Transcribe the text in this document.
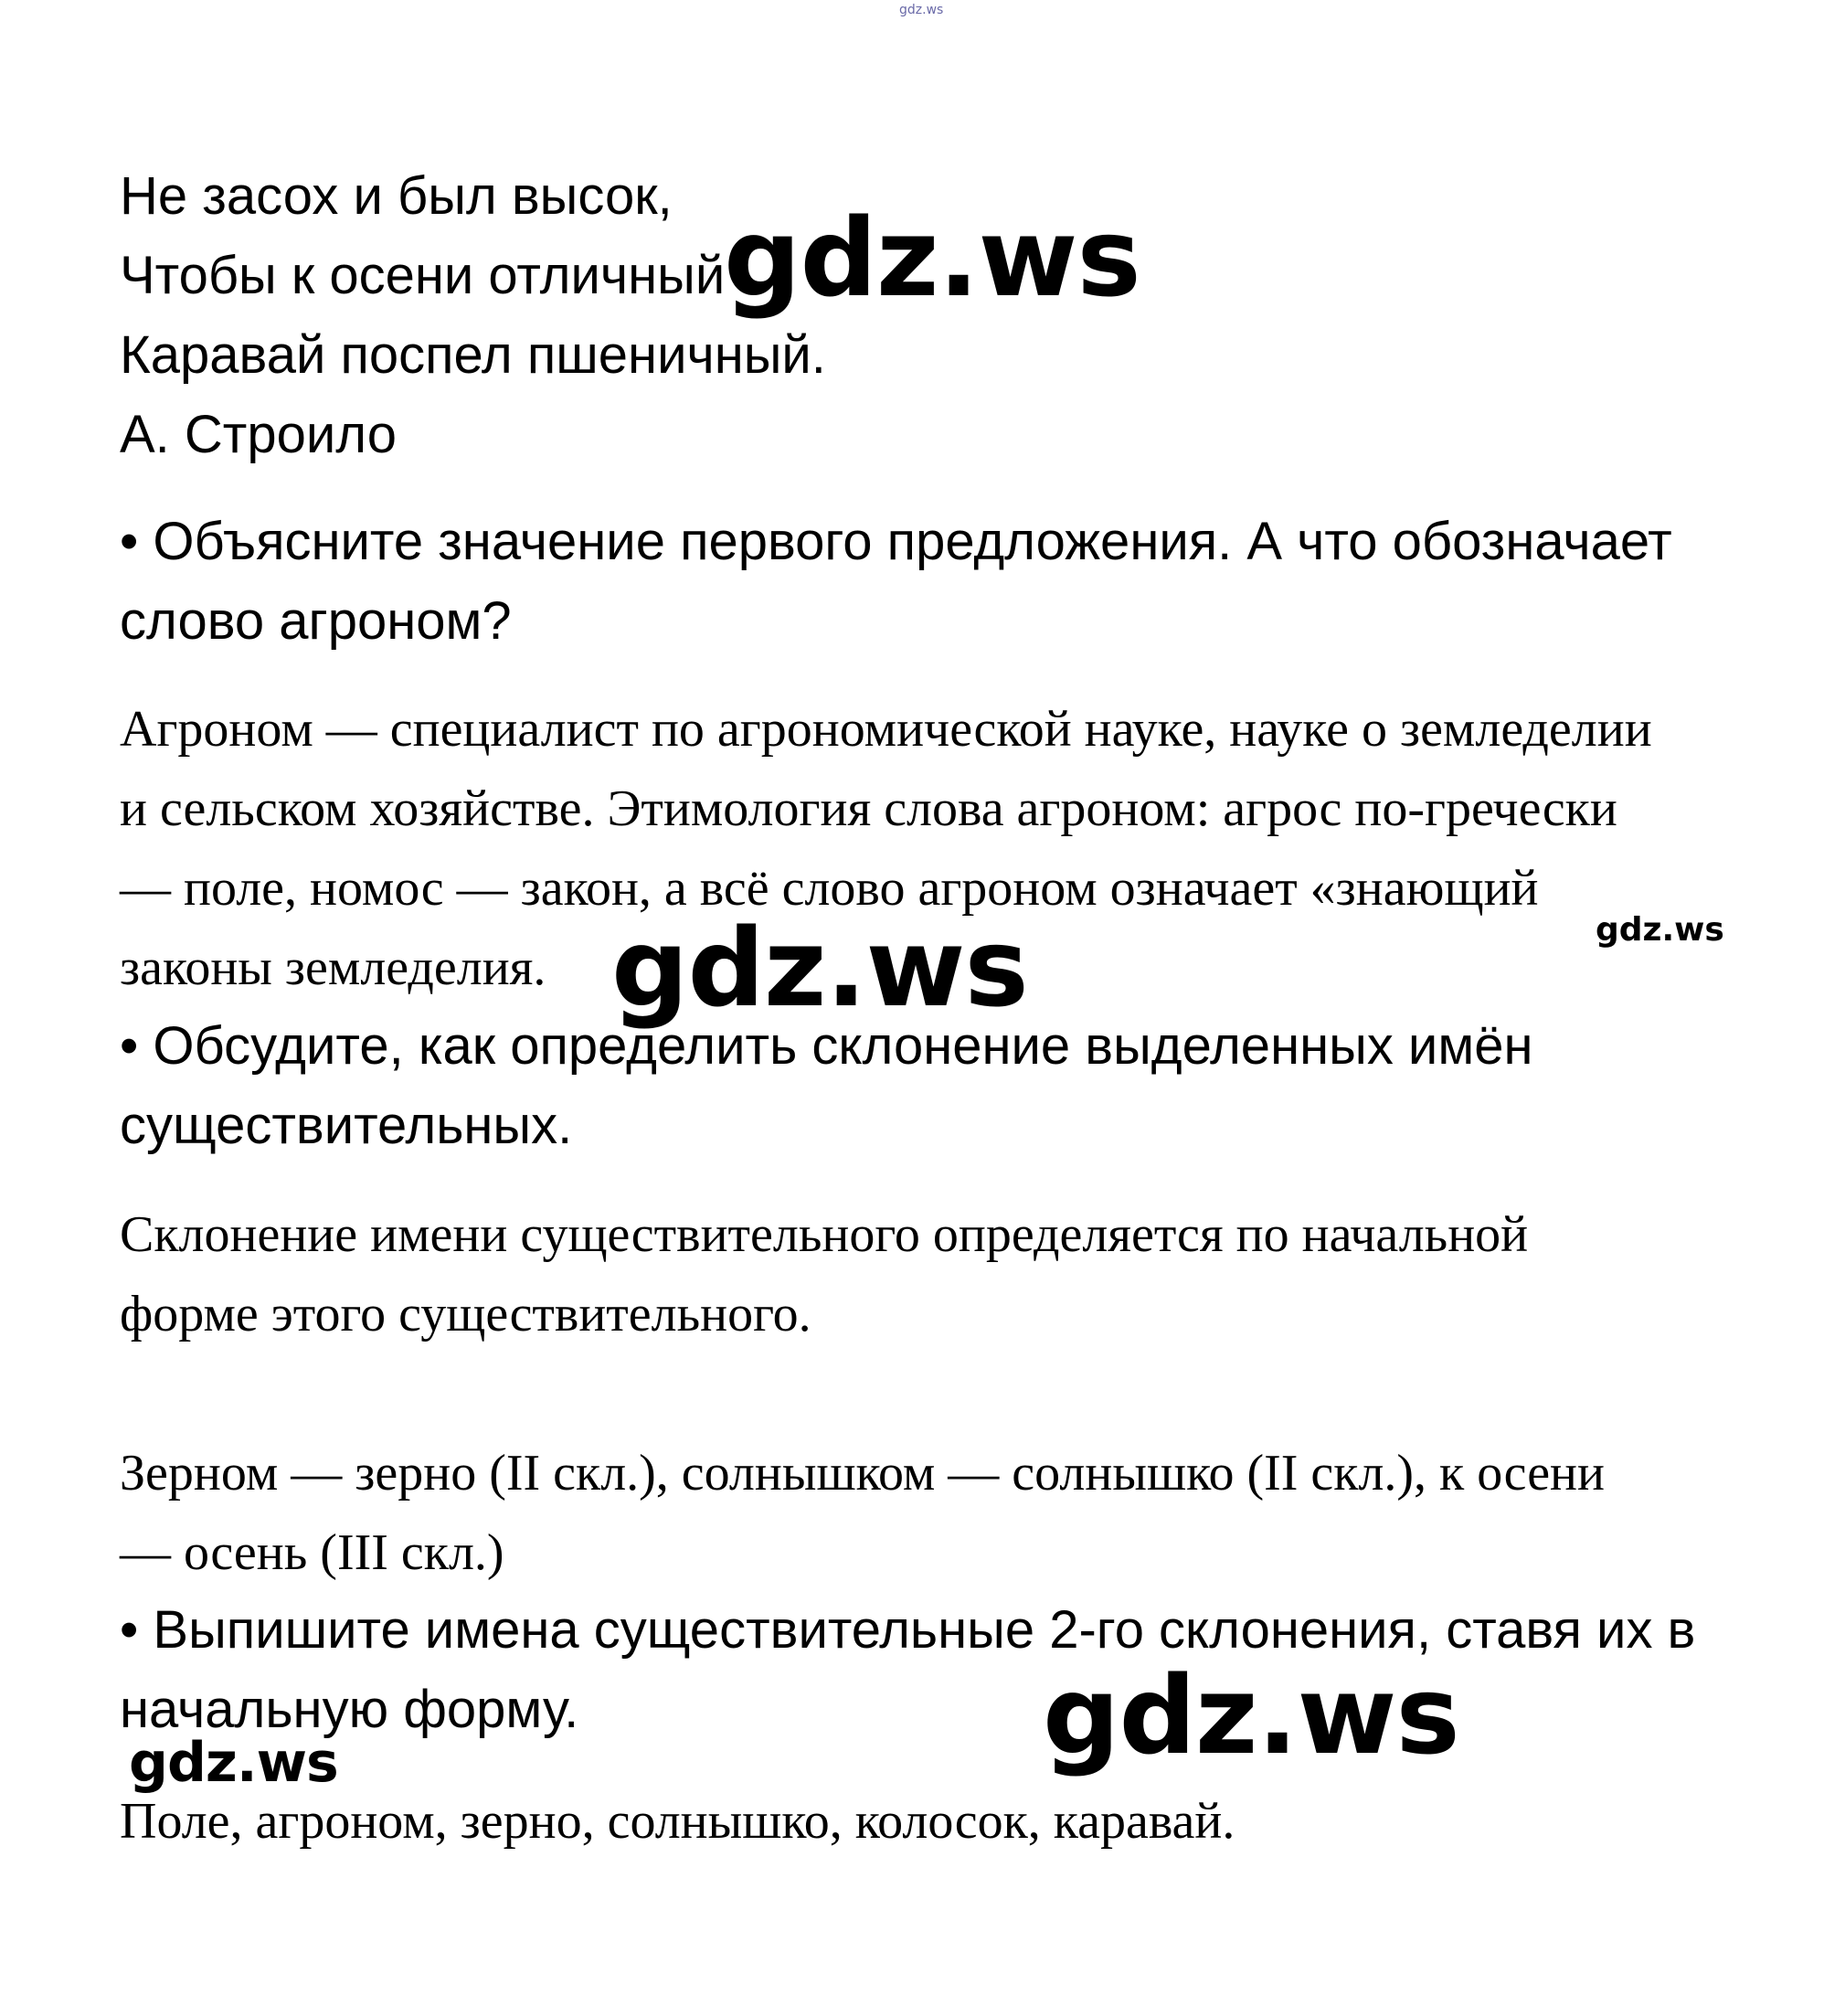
gdz.ws
Не засох и был высок,
Чтобы к осени отличный
Каравай поспел пшеничный.
А. Строило
• Объясните значение первого предложения. А что обозначает
слово агроном?
Агроном — специалист по агрономической науке, науке о земледелии
и сельском хозяйстве. Этимология слова агроном: агрос по-гречески
— поле, номос — закон, а всё слово агроном означает «знающий
законы земледелия.
• Обсудите, как определить склонение выделенных имён
существительных.
Склонение имени существительного определяется по начальной
форме этого существительного.
Зерном — зерно (II скл.), солнышком — солнышко (II скл.), к осени
— осень (III скл.)
• Выпишите имена существительные 2-го склонения, ставя их в
начальную форму.
Поле, агроном, зерно, солнышко, колосок, каравай.
gdz.ws
gdz.ws	gdz.ws
gdz.ws
gdz.ws
